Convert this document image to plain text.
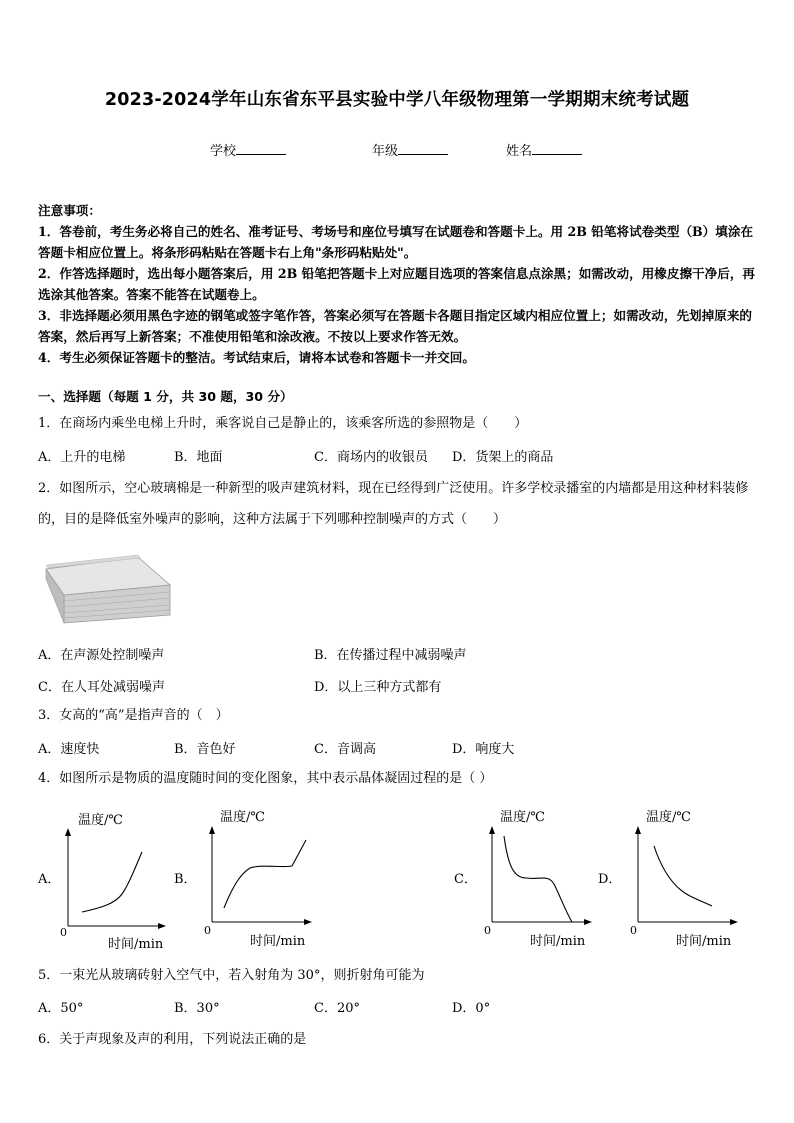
2023-2024学年山东省东平县实验中学八年级物理第一学期期末统考试题
学校	年级	姓名
注意事项：
1．答卷前，考生务必将自己的姓名、准考证号、考场号和座位号填写在试题卷和答题卡上。用 2B 铅笔将试卷类型（B）填涂在答题卡相应位置上。将条形码粘贴在答题卡右上角"条形码粘贴处"。
2．作答选择题时，选出每小题答案后，用 2B 铅笔把答题卡上对应题目选项的答案信息点涂黑；如需改动，用橡皮擦干净后，再选涂其他答案。答案不能答在试题卷上。
3．非选择题必须用黑色字迹的钢笔或签字笔作答，答案必须写在答题卡各题目指定区域内相应位置上；如需改动，先划掉原来的答案，然后再写上新答案；不准使用铅笔和涂改液。不按以上要求作答无效。
4．考生必须保证答题卡的整洁。考试结束后，请将本试卷和答题卡一并交回。
一、选择题（每题 1 分，共 30 题，30 分）
1．在商场内乘坐电梯上升时，乘客说自己是静止的，该乘客所选的参照物是（　　）
A．上升的电梯	B．地面	C．商场内的收银员 D．货架上的商品
2．如图所示，空心玻璃棉是一种新型的吸声建筑材料，现在已经得到广泛使用。许多学校录播室的内墙都是用这种材料装修的，目的是降低室外噪声的影响，这种方法属于下列哪种控制噪声的方式（　　）
A．在声源处控制噪声	B．在传播过程中减弱噪声
C．在人耳处减弱噪声	D．以上三种方式都有
3．女高的“高”是指声音的（　）
A．速度快	B．音色好	C．音调高	D．响度大
4．如图所示是物质的温度随时间的变化图象，其中表示晶体凝固过程的是（ ）
A．
温度/℃
0
时间/min
B．
温度/℃
0
时间/min
C．
温度/℃
0
时间/min
D．
温度/℃
0
时间/min
5．一束光从玻璃砖射入空气中，若入射角为 30°，则折射角可能为
A．50°	B．30°	C．20°	D．0°
6．关于声现象及声的利用，下列说法正确的是
